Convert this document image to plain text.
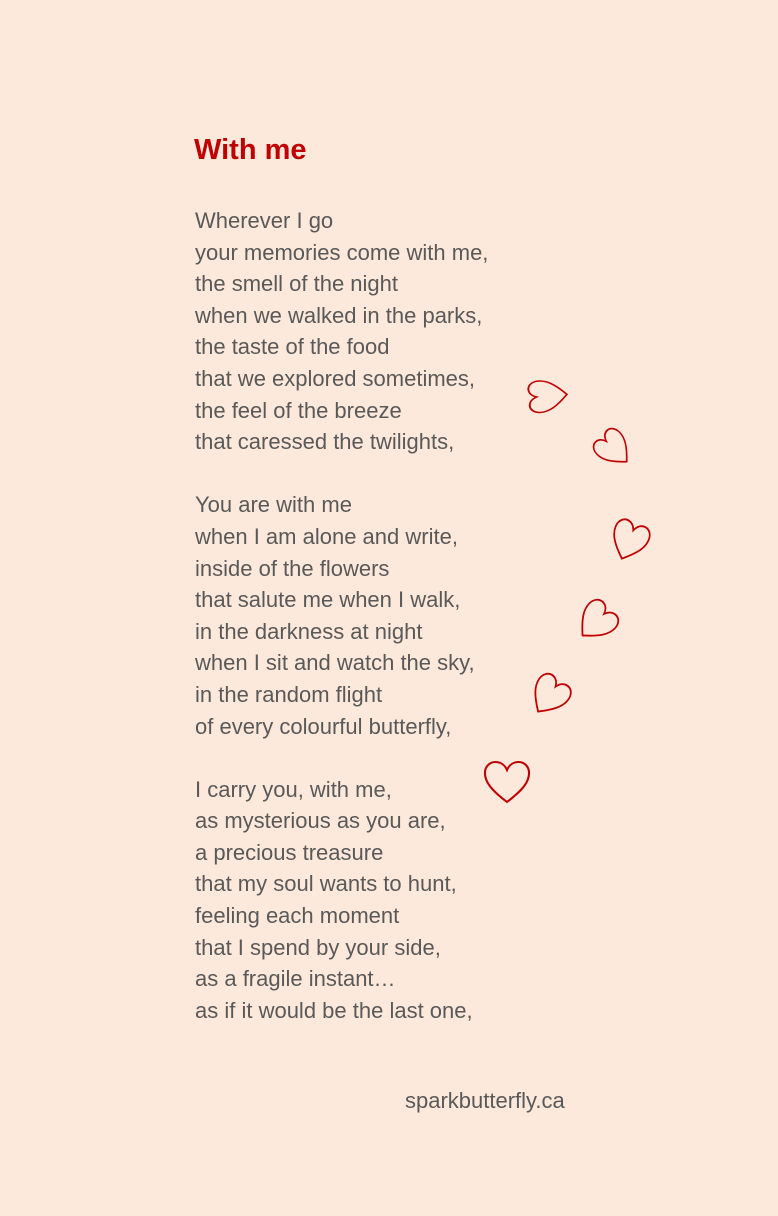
With me
Wherever I go
your memories come with me,
the smell of the night
when we walked in the parks,
the taste of the food
that we explored sometimes,
the feel of the breeze
that caressed the twilights,
You are with me
when I am alone and write,
inside of the flowers
that salute me when I walk,
in the darkness at night
when I sit and watch the sky,
in the random flight
of every colourful butterfly,
I carry you, with me,
as mysterious as you are,
a precious treasure
that my soul wants to hunt,
feeling each moment
that I spend by your side,
as a fragile instant…
as if it would be the last one,
sparkbutterfly.ca
